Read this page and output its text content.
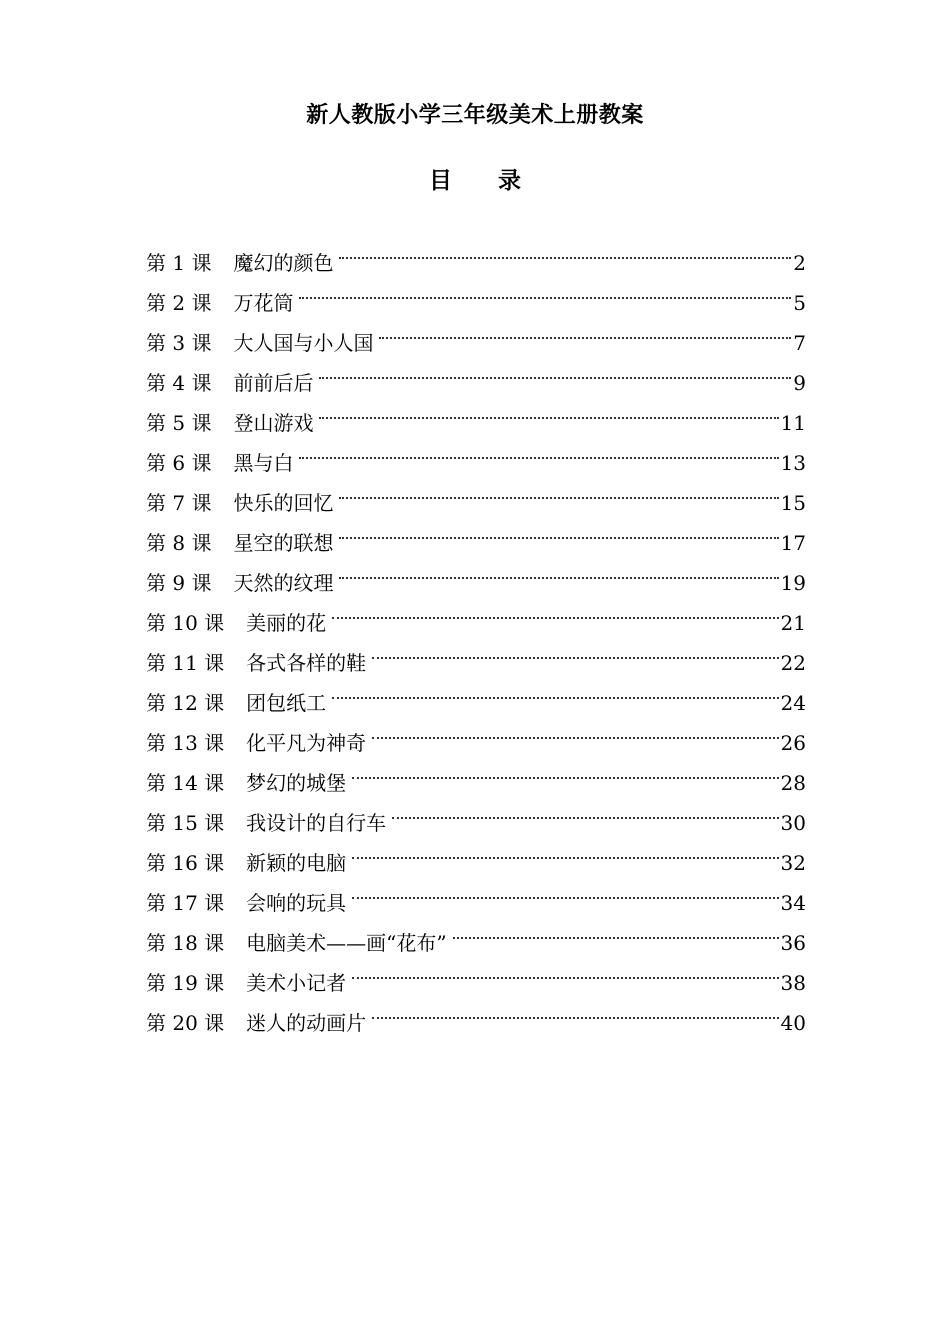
新人教版小学三年级美术上册教案
目 录
第 1 课	魔幻的颜色	2
第 2 课	万花筒	5
第 3 课	大人国与小人国	7
第 4 课	前前后后	9
第 5 课	登山游戏	11
第 6 课	黑与白	13
第 7 课	快乐的回忆	15
第 8 课	星空的联想	17
第 9 课	天然的纹理	19
第 10 课	美丽的花	21
第 11 课	各式各样的鞋	22
第 12 课	团包纸工	24
第 13 课	化平凡为神奇	26
第 14 课	梦幻的城堡	28
第 15 课	我设计的自行车	30
第 16 课	新颖的电脑	32
第 17 课	会响的玩具	34
第 18 课	电脑美术——画“花布”	36
第 19 课	美术小记者	38
第 20 课	迷人的动画片	40
